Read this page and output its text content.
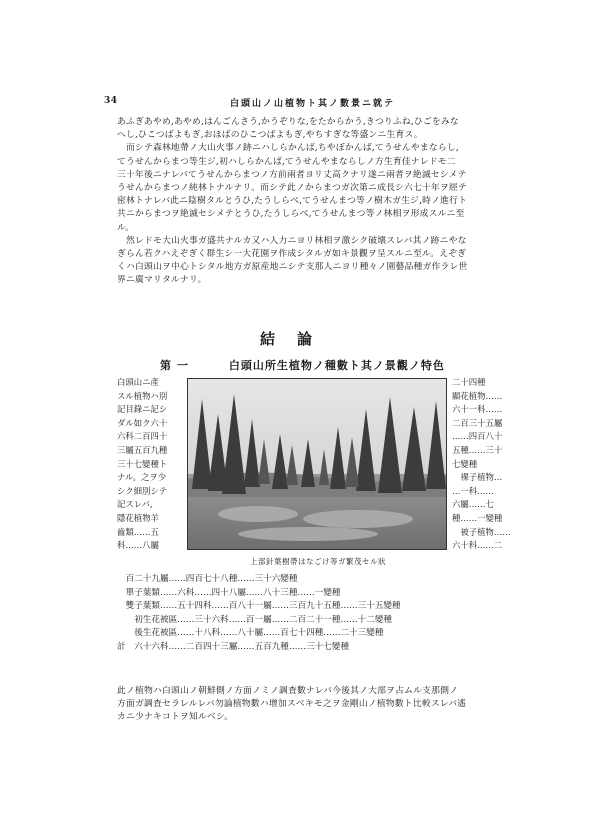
34	白頭山ノ山植物ト其ノ數景ニ就テ

あふぎあやめ,あやめ,はんごんさう,かうぞりな,をたからかう,きつりふね,ひごをみな

へし,ひこつばよもぎ,おほばのひこつばよもぎ,やちすぎな等盛ンニ生育ス。

　而シテ森林地帶ノ大山火事ノ跡ニハしらかんば,ちやぼかんば,てうせんやまならし,

てうせんからまつ等生ジ,初ハしらかんば,てうせんやまならしノ方生育佳ナレドモ二

三十年後ニナレバてうせんからまつノ方前兩者ヨリ丈高クナリ遂ニ兩者ヲ絶滅セシメテ

うせんからまつノ純林トナルナリ。而シテ此ノからまつガ次第ニ成長シ六七十年ヲ經テ

密林トナレバ此ニ陰樹タルとうひ,たうしらべ,てうせんまつ等ノ樹木ガ生ジ,時ノ進行ト

共ニからまつヲ絶滅セシメテとうひ,たうしらべ,てうせんまつ等ノ林相ヲ形成スルニ至

ル。

　然レドモ大山火事ガ盛共ナルカ又ハ人力ニヨリ林相ヲ激シク破壊スレバ其ノ跡ニやな

ぎらん若クハえぞぎく群生シ一大花園ヲ作成シタルガ如キ景觀ヲ呈スルニ至ル。えぞぎ

くハ白頭山ヲ中心トシタル地方ガ原産地ニシテ支那人ニヨリ種々ノ園藝品種ガ作ラレ世

界ニ廣マリタルナリ。

結論
第一	白頭山所生植物ノ種數ト其ノ景觀ノ特色

白頭山ニ產

スル植物ハ別

記目錄ニ記シ

ダル如ク六十

六科二百四十

三屬五百九種

三十七變種ト

ナル。之ヲ少

シク細別シテ

記スレバ,

隱花植物羊

齒類……五

科……八屬

上部針葉樹帶はなごけ等ガ繁茂セル狀

二十四種

顯花植物……

六十一科……

二百三十五屬

……四百八十

五種……三十

七變種

　裸子植物…

…一科……

六屬……七

種……一變種

　被子植物……

六十科……二

　百二十九屬……四百七十八種……三十六變種

　單子葉類……六科……四十八屬……八十三種……一變種

　雙子葉類……五十四科……百八十一屬……三百九十五種……三十五變種

　　初生花被區……三十六科……百一屬……二百二十一種……十二變種

　　後生花被區……十八科……八十屬……百七十四種……二十三變種

計　六十六科……二百四十三屬……五百九種……三十七變種

此ノ植物ハ白頭山ノ朝鮮側ノ方面ノミノ調査數ナレバ今後其ノ大部ヲ占ムル支那側ノ

方面ガ調査セラレルレバ勿論植物數ハ增加スベキモ之ヲ金剛山ノ植物數ト比較スレバ遙

カニ少ナキコトヲ知ルベシ。
